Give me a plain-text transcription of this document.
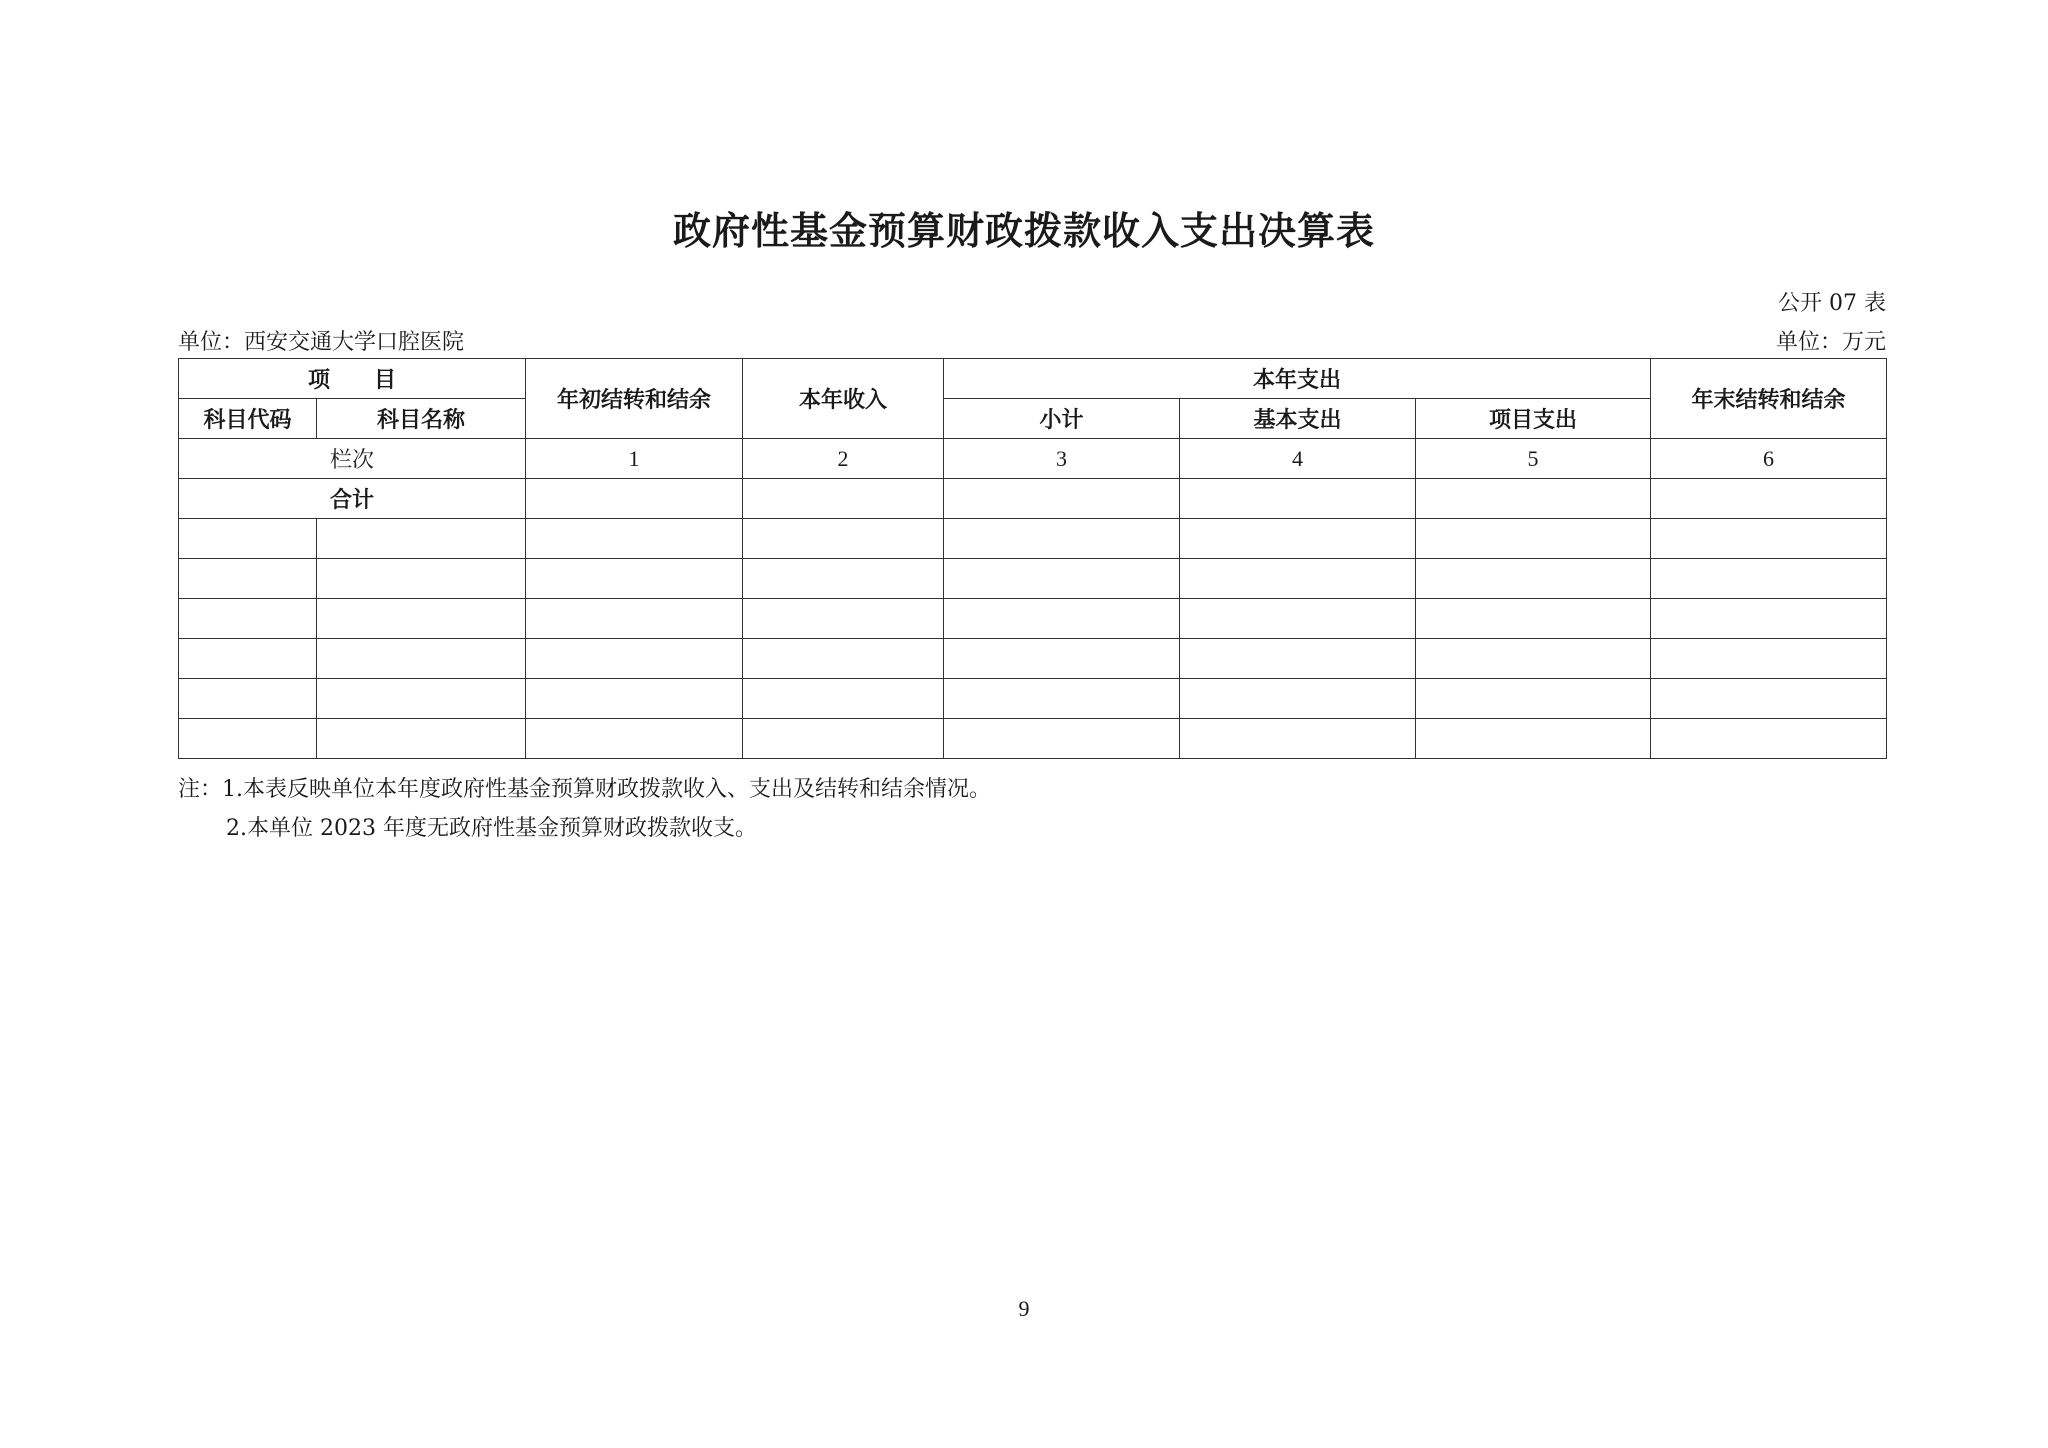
政府性基金预算财政拨款收入支出决算表
公开 07 表
单位：西安交通大学口腔医院	单位：万元
项　　目		年初结转和结余	本年收入	本年支出			年末结转和结余
科目代码	科目名称			小计	基本支出	项目支出	
栏次		1	2	3	4	5	6
合计							

注：1.本表反映单位本年度政府性基金预算财政拨款收入、支出及结转和结余情况。
2.本单位 2023 年度无政府性基金预算财政拨款收支。
9
